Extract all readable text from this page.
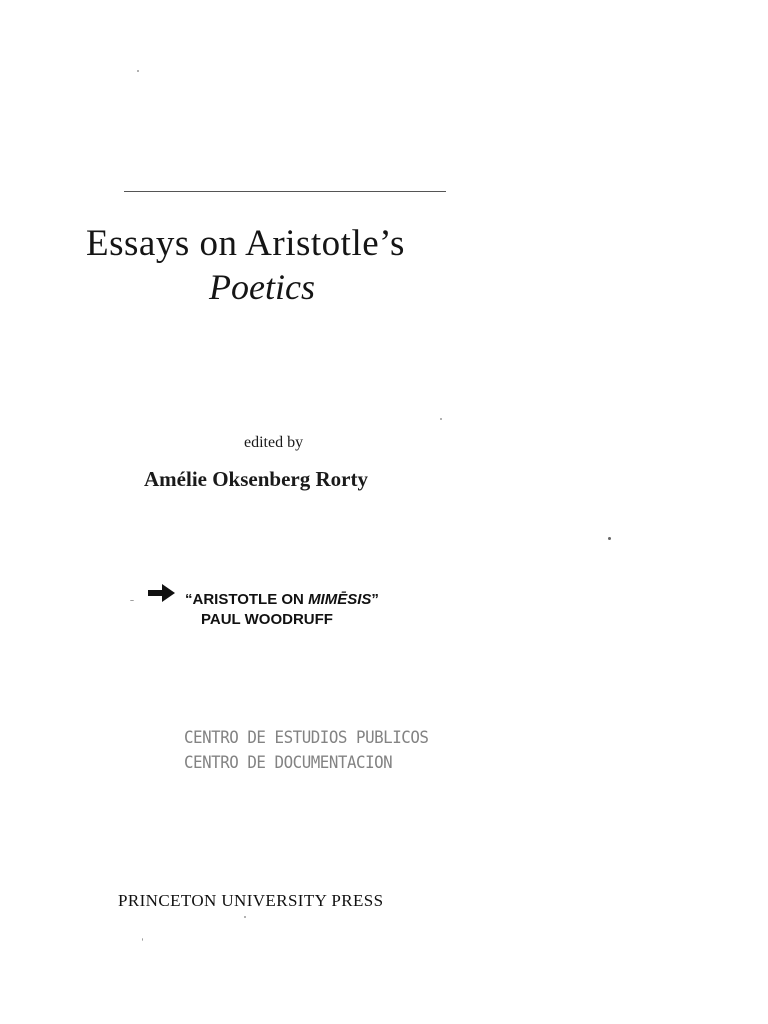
Essays on Aristotle’s
Poetics
edited by
Amélie Oksenberg Rorty
“ARISTOTLE ON MIMĒSIS”
PAUL WOODRUFF
CENTRO DE ESTUDIOS PUBLICOS
CENTRO DE DOCUMENTACION
PRINCETON UNIVERSITY PRESS
